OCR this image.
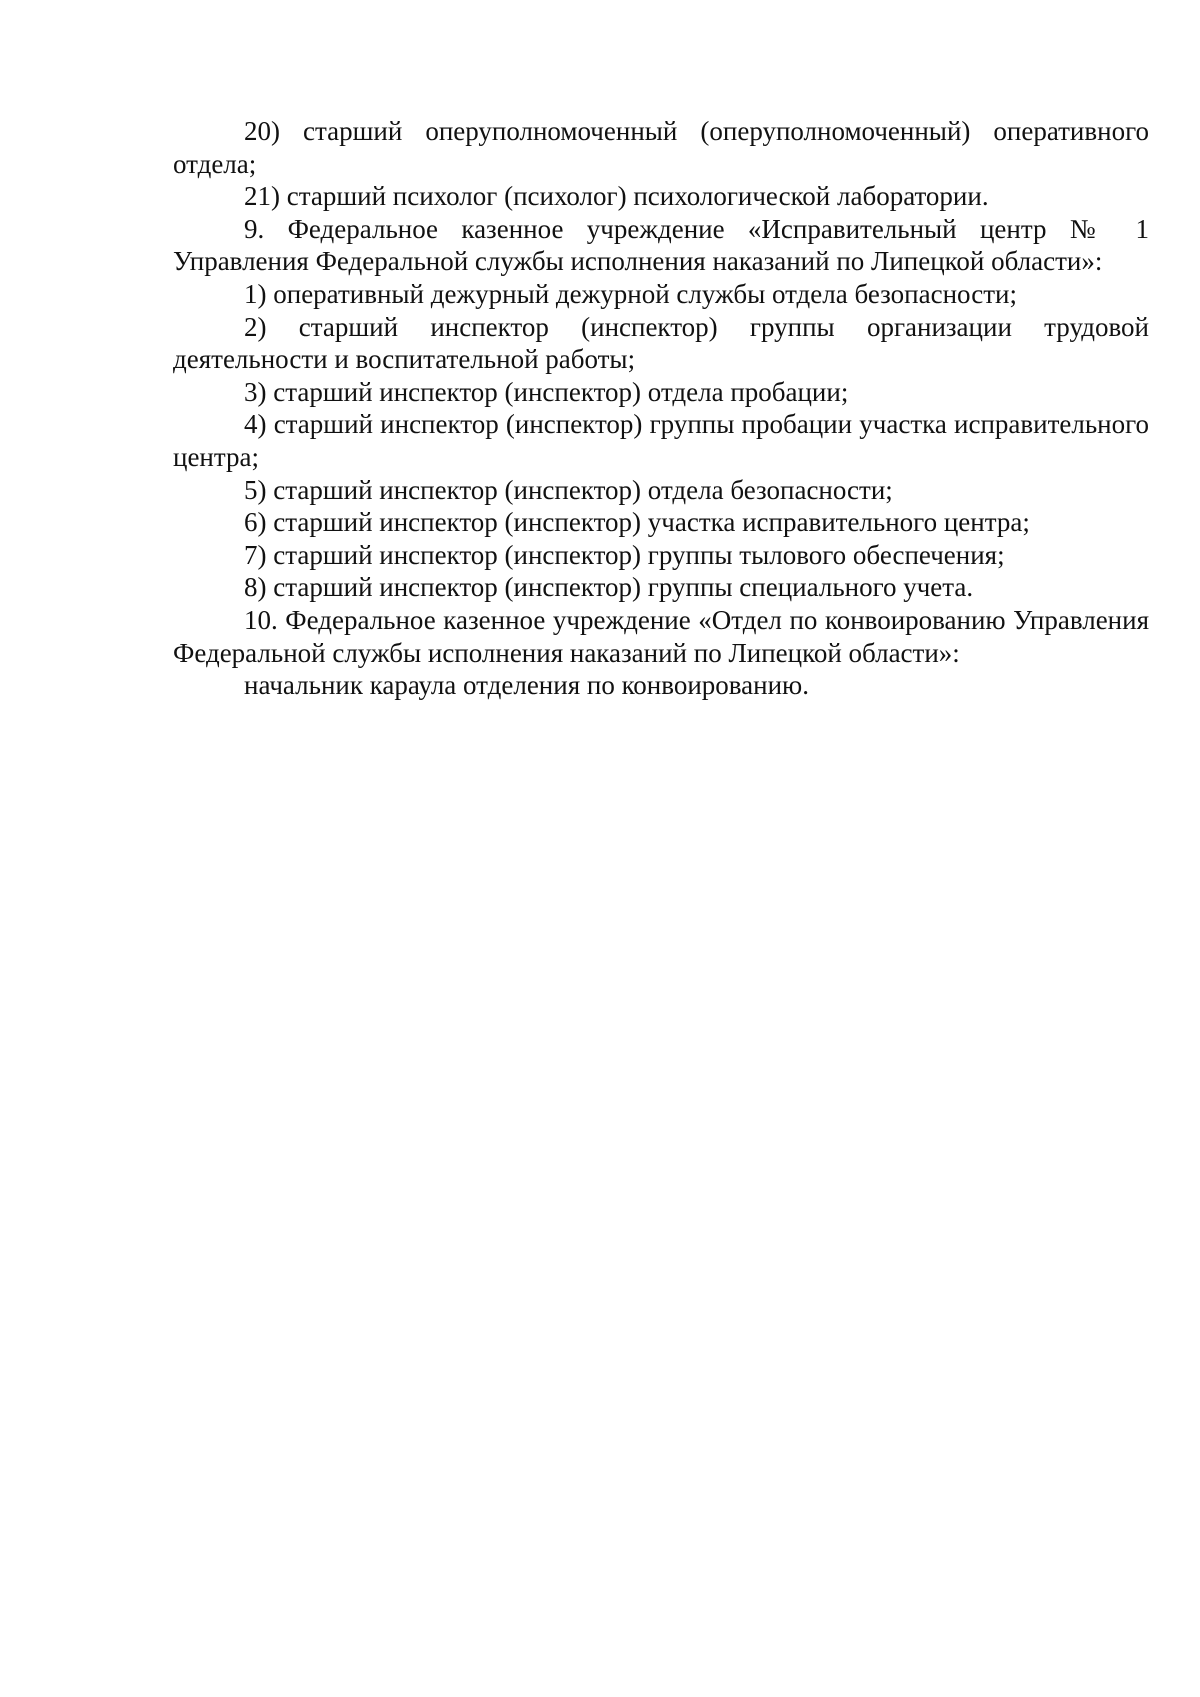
20) старший оперуполномоченный (оперуполномоченный) оперативного отдела;

21) старший психолог (психолог) психологической лаборатории.

9. Федеральное казенное учреждение «Исправительный центр № 1 Управления Федеральной службы исполнения наказаний по Липецкой области»:

1) оперативный дежурный дежурной службы отдела безопасности;

2) старший инспектор (инспектор) группы организации трудовой деятельности и воспитательной работы;

3) старший инспектор (инспектор) отдела пробации;

4) старший инспектор (инспектор) группы пробации участка исправительного центра;

5) старший инспектор (инспектор) отдела безопасности;

6) старший инспектор (инспектор) участка исправительного центра;

7) старший инспектор (инспектор) группы тылового обеспечения;

8) старший инспектор (инспектор) группы специального учета.

10. Федеральное казенное учреждение «Отдел по конвоированию Управления Федеральной службы исполнения наказаний по Липецкой области»:

начальник караула отделения по конвоированию.
